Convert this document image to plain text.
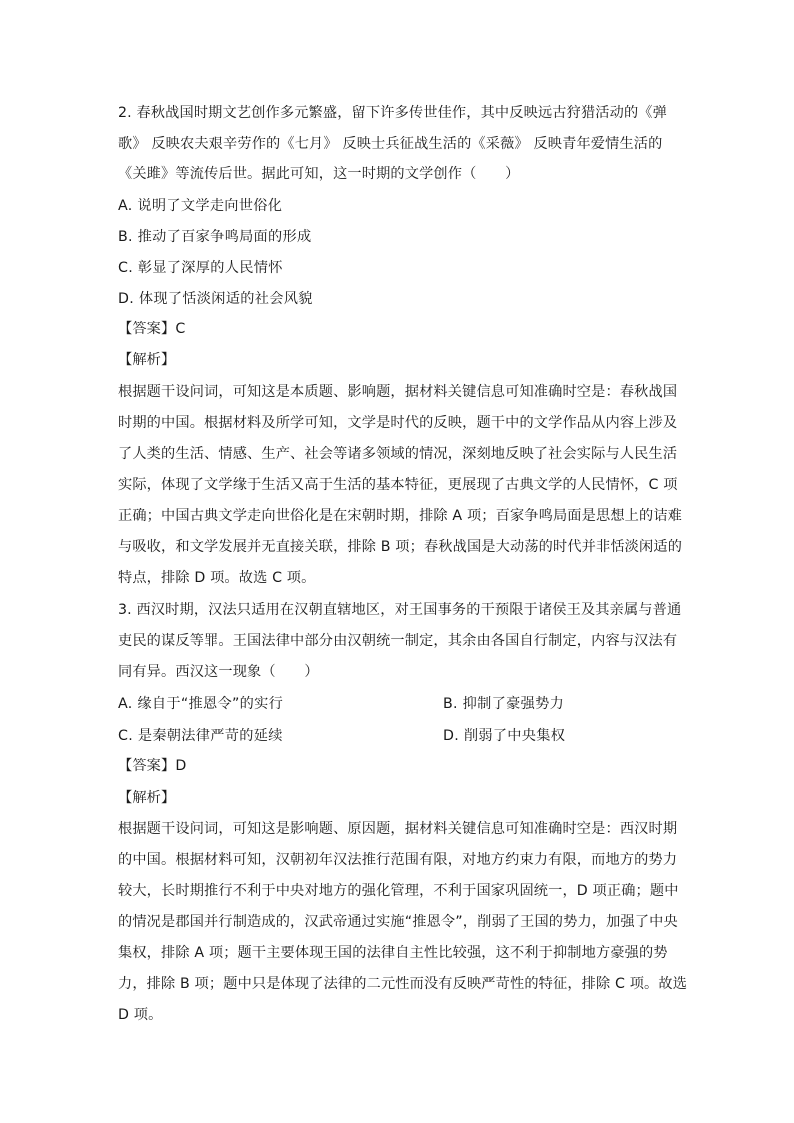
2. 春秋战国时期文艺创作多元繁盛，留下许多传世佳作，其中反映远古狩猎活动的《弹
歌》 反映农夫艰辛劳作的《七月》 反映士兵征战生活的《采薇》 反映青年爱情生活的
《关雎》等流传后世。据此可知，这一时期的文学创作（　　）
A. 说明了文学走向世俗化
B. 推动了百家争鸣局面的形成
C. 彰显了深厚的人民情怀
D. 体现了恬淡闲适的社会风貌
【答案】C
【解析】
根据题干设问词，可知这是本质题、影响题，据材料关键信息可知准确时空是：春秋战国
时期的中国。根据材料及所学可知，文学是时代的反映，题干中的文学作品从内容上涉及
了人类的生活、情感、生产、社会等诸多领域的情况，深刻地反映了社会实际与人民生活
实际，体现了文学缘于生活又高于生活的基本特征，更展现了古典文学的人民情怀，C 项
正确；中国古典文学走向世俗化是在宋朝时期，排除 A 项；百家争鸣局面是思想上的诘难
与吸收，和文学发展并无直接关联，排除 B 项；春秋战国是大动荡的时代并非恬淡闲适的
特点，排除 D 项。故选 C 项。
3. 西汉时期，汉法只适用在汉朝直辖地区，对王国事务的干预限于诸侯王及其亲属与普通
吏民的谋反等罪。王国法律中部分由汉朝统一制定，其余由各国自行制定，内容与汉法有
同有异。西汉这一现象（　　）
A. 缘自于“推恩令”的实行	B. 抑制了豪强势力
C. 是秦朝法律严苛的延续	D. 削弱了中央集权
【答案】D
【解析】
根据题干设问词，可知这是影响题、原因题，据材料关键信息可知准确时空是：西汉时期
的中国。根据材料可知，汉朝初年汉法推行范围有限，对地方约束力有限，而地方的势力
较大，长时期推行不利于中央对地方的强化管理，不利于国家巩固统一，D 项正确；题中
的情况是郡国并行制造成的，汉武帝通过实施“推恩令”，削弱了王国的势力，加强了中央
集权，排除 A 项；题干主要体现王国的法律自主性比较强，这不利于抑制地方豪强的势
力，排除 B 项；题中只是体现了法律的二元性而没有反映严苛性的特征，排除 C 项。故选
D 项。
